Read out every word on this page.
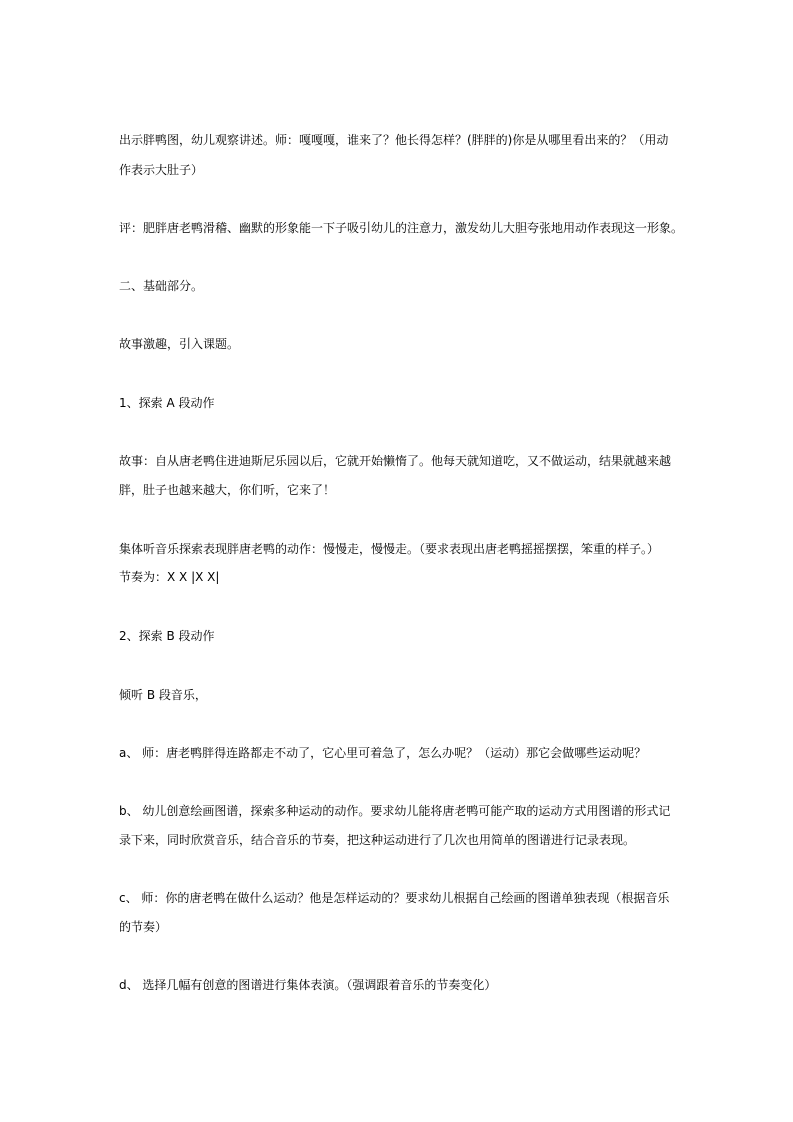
出示胖鸭图，幼儿观察讲述。师：嘎嘎嘎，谁来了？他长得怎样？(胖胖的)你是从哪里看出来的？（用动
作表示大肚子）
评：肥胖唐老鸭滑稽、幽默的形象能一下子吸引幼儿的注意力，激发幼儿大胆夸张地用动作表现这一形象。
二、基础部分。
故事激趣，引入课题。
1、探索 A 段动作
故事：自从唐老鸭住进迪斯尼乐园以后，它就开始懒惰了。他每天就知道吃，又不做运动，结果就越来越
胖，肚子也越来越大，你们听，它来了！
集体听音乐探索表现胖唐老鸭的动作：慢慢走，慢慢走。（要求表现出唐老鸭摇摇摆摆，笨重的样子。）
节奏为：X X |X X|
2、探索 B 段动作
倾听 B 段音乐，
a、 师：唐老鸭胖得连路都走不动了，它心里可着急了，怎么办呢？（运动）那它会做哪些运动呢？
b、 幼儿创意绘画图谱，探索多种运动的动作。要求幼儿能将唐老鸭可能产取的运动方式用图谱的形式记
录下来，同时欣赏音乐，结合音乐的节奏，把这种运动进行了几次也用简单的图谱进行记录表现。
c、 师：你的唐老鸭在做什么运动？他是怎样运动的？要求幼儿根据自己绘画的图谱单独表现（根据音乐
的节奏）
d、 选择几幅有创意的图谱进行集体表演。（强调跟着音乐的节奏变化）
